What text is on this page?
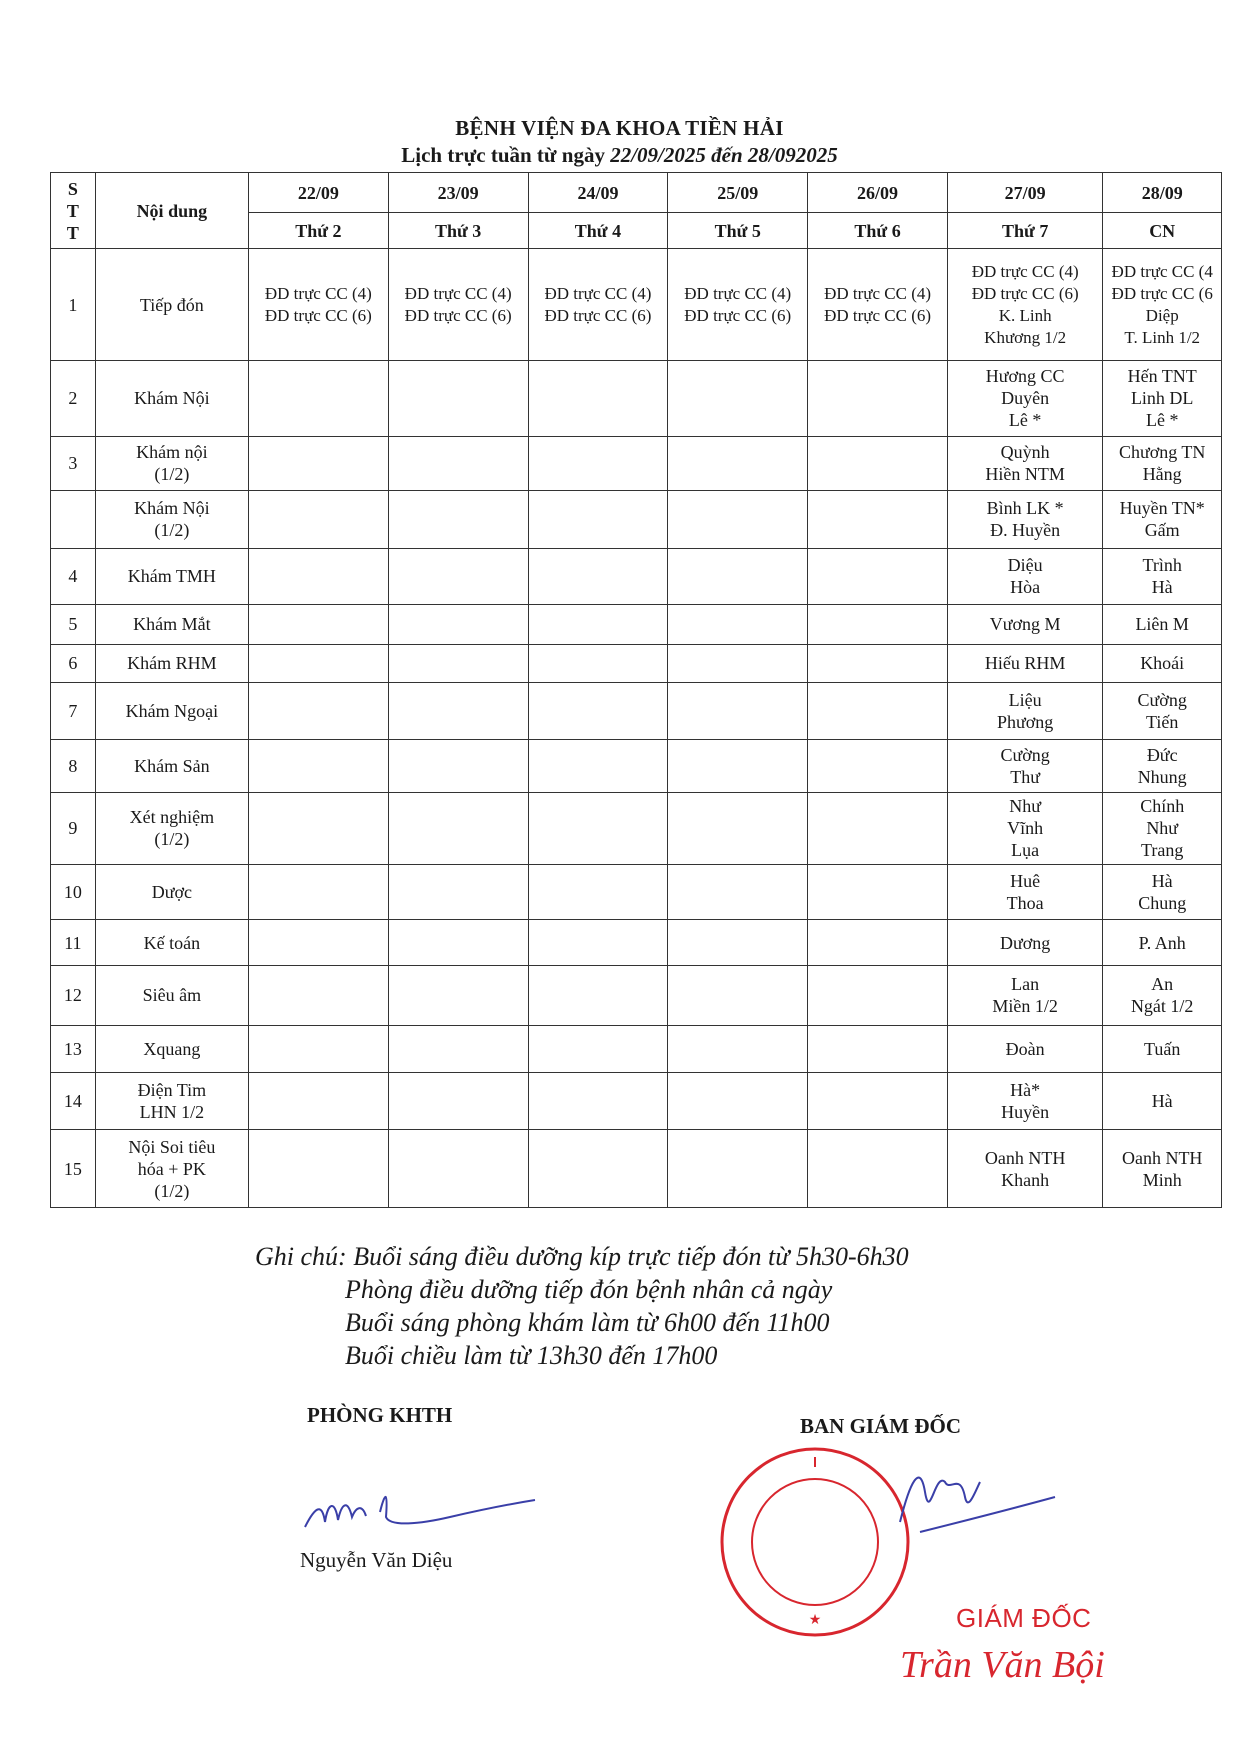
BỆNH VIỆN ĐA KHOA TIỀN HẢI
Lịch trực tuần từ ngày 22/09/2025 đến 28/092025
S
T
T	Nội dung	22/09	23/09	24/09	25/09	26/09	27/09	28/09
		Thứ 2	Thứ 3	Thứ 4	Thứ 5	Thứ 6	Thứ 7	CN
1	Tiếp đón	ĐD trực CC (4)
ĐD trực CC (6)	ĐD trực CC (4)
ĐD trực CC (6)	ĐD trực CC (4)
ĐD trực CC (6)	ĐD trực CC (4)
ĐD trực CC (6)	ĐD trực CC (4)
ĐD trực CC (6)	ĐD trực CC (4)
ĐD trực CC (6)
K. Linh
Khương 1/2	ĐD trực CC (4
ĐD trực CC (6
Diệp
T. Linh 1/2
2	Khám Nội						Hương CC
Duyên
Lê *	Hến TNT
Linh DL
Lê *
3	Khám nội
(1/2)						Quỳnh
Hiền NTM	Chương TN
Hằng
	Khám Nội
(1/2)						Bình LK *
Đ. Huyền	Huyền TN*
Gấm
4	Khám TMH						Diệu
Hòa	Trình
Hà
5	Khám Mắt						Vương M	Liên M
6	Khám RHM						Hiếu RHM	Khoái
7	Khám Ngoại						Liệu
Phương	Cường
Tiến
8	Khám Sản						Cường
Thư	Đức
Nhung
9	Xét nghiệm
(1/2)						Như
Vĩnh
Lụa	Chính
Như
Trang
10	Dược						Huê
Thoa	Hà
Chung
11	Kế toán						Dương	P. Anh
12	Siêu âm						Lan
Miền 1/2	An
Ngát 1/2
13	Xquang						Đoàn	Tuấn
14	Điện Tim
LHN 1/2						Hà*
Huyền	Hà
15	Nội Soi tiêu
hóa + PK
(1/2)						Oanh NTH
Khanh	Oanh NTH
Minh
Ghi chú: Buổi sáng điều dưỡng kíp trực tiếp đón từ 5h30-6h30
Phòng điều dưỡng tiếp đón bệnh nhân cả ngày
Buổi sáng phòng khám làm từ 6h00 đến 11h00
Buổi chiều làm từ 13h30 đến 17h00
PHÒNG KHTH
Nguyễn Văn Diệu
BAN GIÁM ĐỐC
★	GIÁM ĐỐC
Trần Văn Bội
